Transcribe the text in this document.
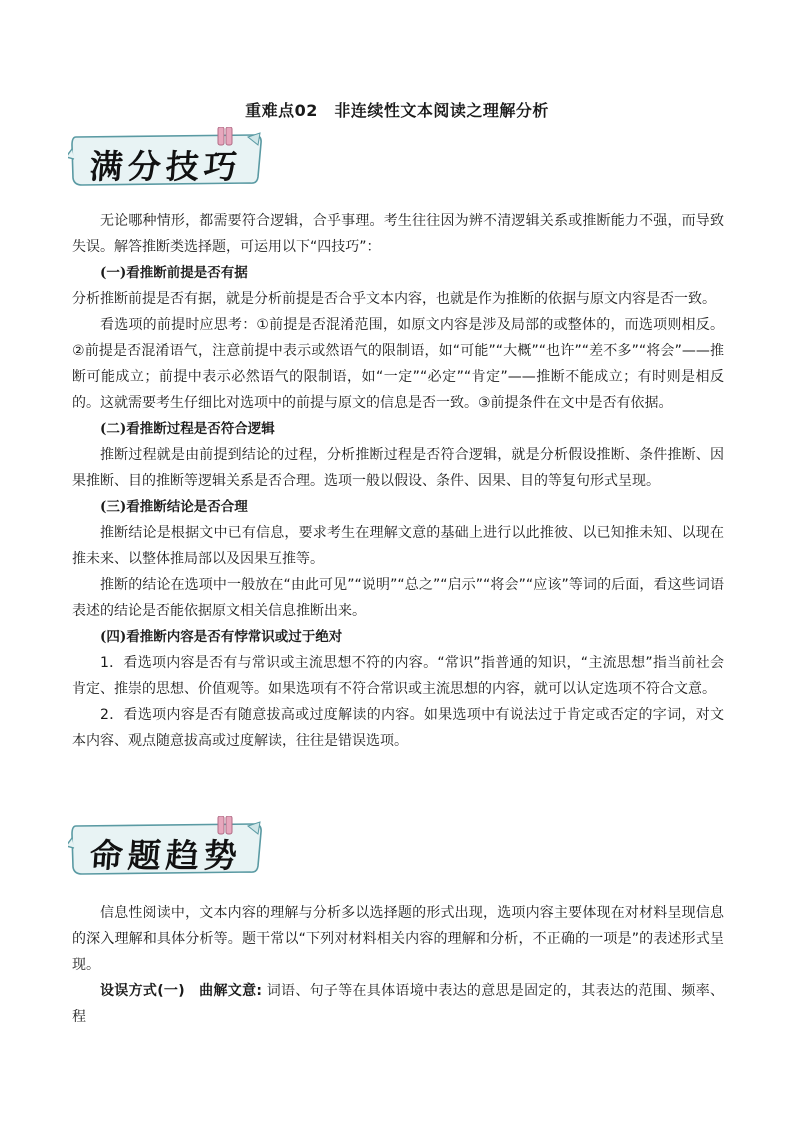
重难点02　非连续性文本阅读之理解分析
满分技巧

无论哪种情形，都需要符合逻辑，合乎事理。考生往往因为辨不清逻辑关系或推断能力不强，而导致失误。解答推断类选择题，可运用以下“四技巧”：

(一)看推断前提是否有据

分析推断前提是否有据，就是分析前提是否合乎文本内容，也就是作为推断的依据与原文内容是否一致。

看选项的前提时应思考：①前提是否混淆范围，如原文内容是涉及局部的或整体的，而选项则相反。②前提是否混淆语气，注意前提中表示或然语气的限制语，如“可能”“大概”“也许”“差不多”“将会”——推断可能成立；前提中表示必然语气的限制语，如“一定”“必定”“肯定”——推断不能成立；有时则是相反的。这就需要考生仔细比对选项中的前提与原文的信息是否一致。③前提条件在文中是否有依据。

(二)看推断过程是否符合逻辑

推断过程就是由前提到结论的过程，分析推断过程是否符合逻辑，就是分析假设推断、条件推断、因果推断、目的推断等逻辑关系是否合理。选项一般以假设、条件、因果、目的等复句形式呈现。

(三)看推断结论是否合理

推断结论是根据文中已有信息，要求考生在理解文意的基础上进行以此推彼、以已知推未知、以现在推未来、以整体推局部以及因果互推等。

推断的结论在选项中一般放在“由此可见”“说明”“总之”“启示”“将会”“应该”等词的后面，看这些词语表述的结论是否能依据原文相关信息推断出来。

(四)看推断内容是否有悖常识或过于绝对

1．看选项内容是否有与常识或主流思想不符的内容。“常识”指普通的知识，“主流思想”指当前社会肯定、推崇的思想、价值观等。如果选项有不符合常识或主流思想的内容，就可以认定选项不符合文意。

2．看选项内容是否有随意拔高或过度解读的内容。如果选项中有说法过于肯定或否定的字词，对文本内容、观点随意拔高或过度解读，往往是错误选项。

命题趋势

信息性阅读中，文本内容的理解与分析多以选择题的形式出现，选项内容主要体现在对材料呈现信息的深入理解和具体分析等。题干常以“下列对材料相关内容的理解和分析，不正确的一项是”的表述形式呈现。

设误方式(一)　曲解文意: 词语、句子等在具体语境中表达的意思是固定的，其表达的范围、频率、程
